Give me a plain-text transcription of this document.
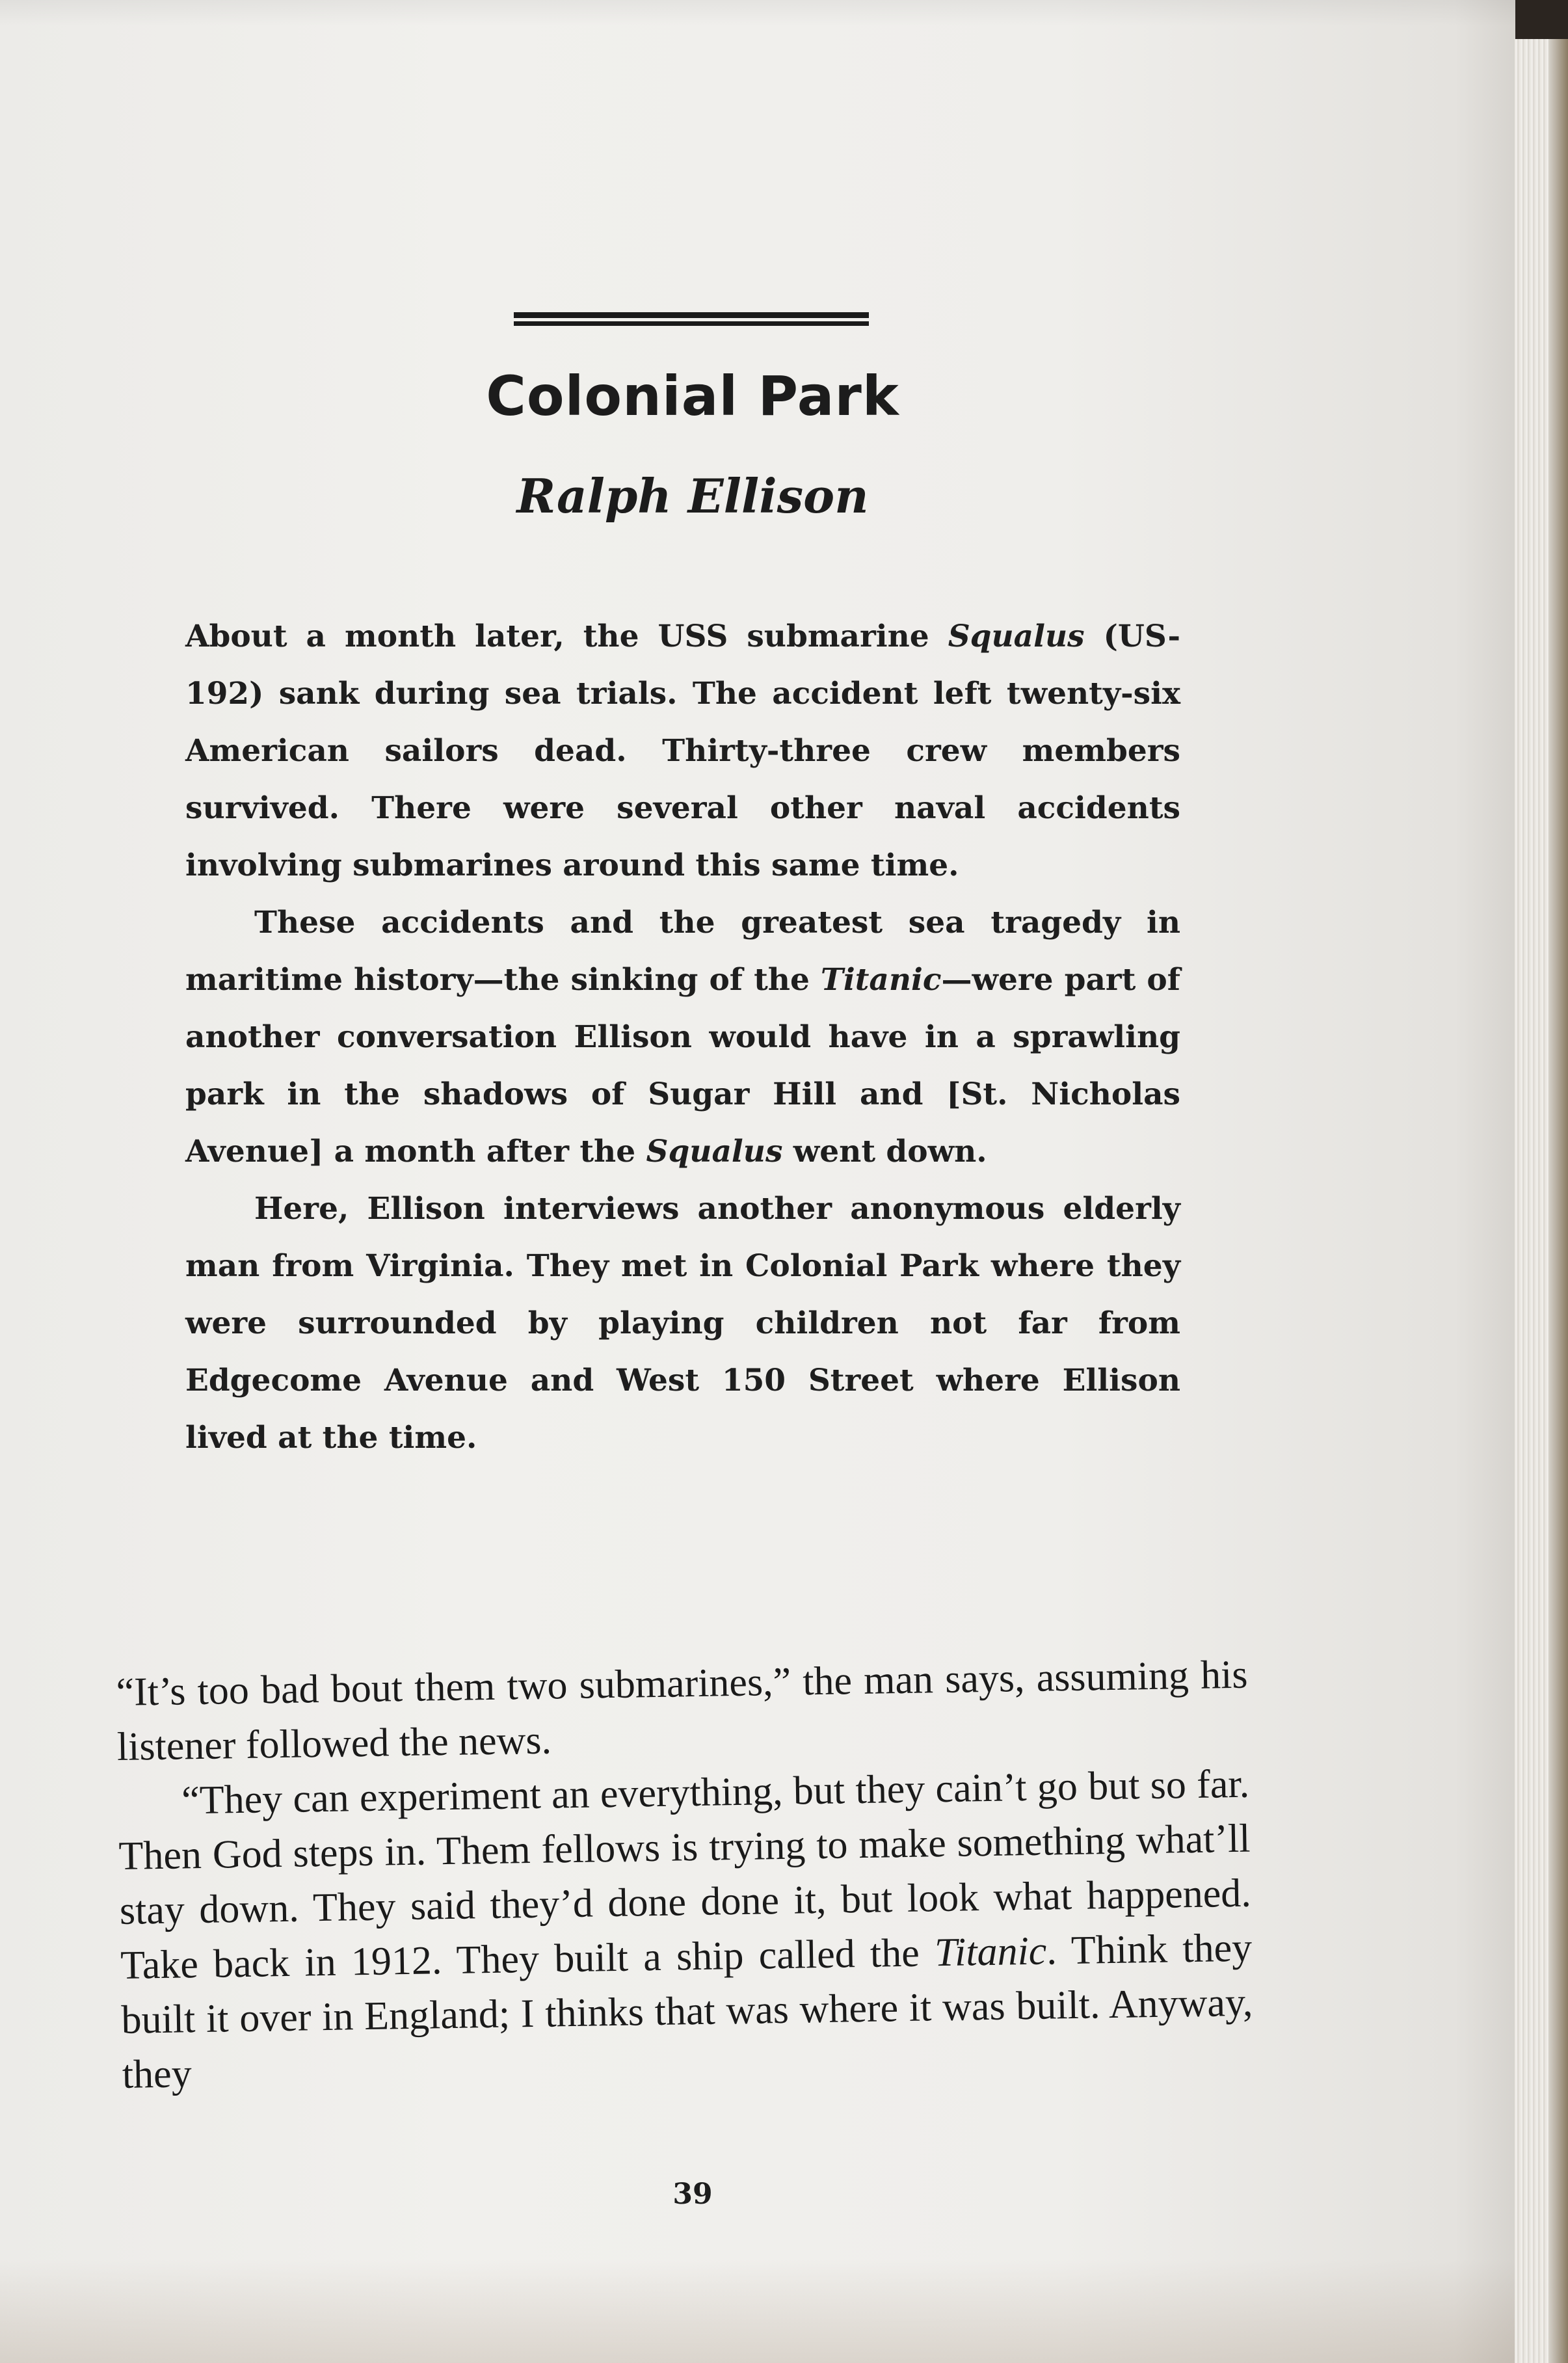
Colonial Park
Ralph Ellison

About a month later, the USS submarine Squalus (US-192) sank during sea trials. The accident left twenty-six American sailors dead. Thirty-three crew members survived. There were several other naval accidents involving submarines around this same time.

These accidents and the greatest sea tragedy in maritime history—the sinking of the Titanic—were part of another conversation Ellison would have in a sprawling park in the shadows of Sugar Hill and [St. Nicholas Avenue] a month after the Squalus went down.

Here, Ellison interviews another anonymous elderly man from Virginia. They met in Colonial Park where they were surrounded by playing children not far from Edgecome Avenue and West 150 Street where Ellison lived at the time.

“It’s too bad bout them two submarines,” the man says, assuming his listener followed the news.

“They can experiment an everything, but they cain’t go but so far. Then God steps in. Them fellows is trying to make something what’ll stay down. They said they’d done done it, but look what happened. Take back in 1912. They built a ship called the Titanic. Think they built it over in England; I thinks that was where it was built. Anyway, they

39
